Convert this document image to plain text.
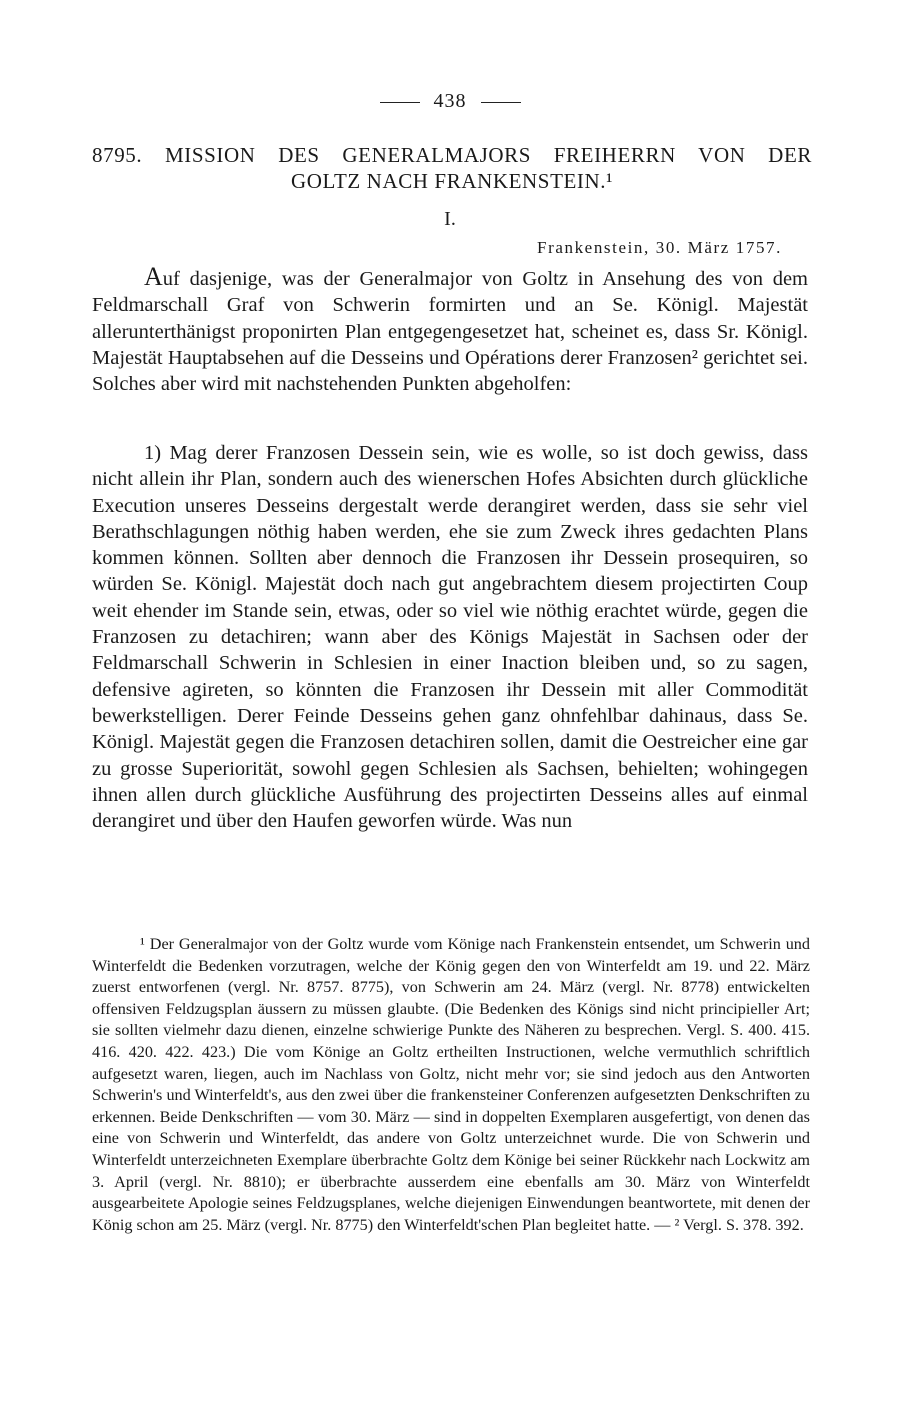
438
8795. MISSION DES GENERALMAJORS FREIHERRN VON DER
GOLTZ NACH FRANKENSTEIN.¹
I.
Frankenstein, 30. März 1757.
Auf dasjenige, was der Generalmajor von Goltz in Ansehung des von dem Feldmarschall Graf von Schwerin formirten und an Se. Königl. Majestät allerunterthänigst proponirten Plan entgegengesetzet hat, scheinet es, dass Sr. Königl. Majestät Hauptabsehen auf die Desseins und Opérations derer Franzosen² gerichtet sei. Solches aber wird mit nachstehenden Punkten abgeholfen:
1) Mag derer Franzosen Dessein sein, wie es wolle, so ist doch gewiss, dass nicht allein ihr Plan, sondern auch des wienerschen Hofes Absichten durch glückliche Execution unseres Desseins dergestalt werde derangiret werden, dass sie sehr viel Berathschlagungen nöthig haben werden, ehe sie zum Zweck ihres gedachten Plans kommen können. Sollten aber dennoch die Franzosen ihr Dessein prosequiren, so würden Se. Königl. Majestät doch nach gut angebrachtem diesem projectirten Coup weit ehender im Stande sein, etwas, oder so viel wie nöthig erachtet würde, gegen die Franzosen zu detachiren; wann aber des Königs Majestät in Sachsen oder der Feldmarschall Schwerin in Schlesien in einer Inaction bleiben und, so zu sagen, defensive agireten, so könnten die Franzosen ihr Dessein mit aller Commodität bewerkstelligen. Derer Feinde Desseins gehen ganz ohnfehlbar dahinaus, dass Se. Königl. Majestät gegen die Franzosen detachiren sollen, damit die Oestreicher eine gar zu grosse Superiorität, sowohl gegen Schlesien als Sachsen, behielten; wohingegen ihnen allen durch glückliche Ausführung des projectirten Desseins alles auf einmal derangiret und über den Haufen geworfen würde. Was nun

¹ Der Generalmajor von der Goltz wurde vom Könige nach Frankenstein entsendet, um Schwerin und Winterfeldt die Bedenken vorzutragen, welche der König gegen den von Winterfeldt am 19. und 22. März zuerst entworfenen (vergl. Nr. 8757. 8775), von Schwerin am 24. März (vergl. Nr. 8778) entwickelten offensiven Feldzugsplan äussern zu müssen glaubte. (Die Bedenken des Königs sind nicht principieller Art; sie sollten vielmehr dazu dienen, einzelne schwierige Punkte des Näheren zu besprechen. Vergl. S. 400. 415. 416. 420. 422. 423.) Die vom Könige an Goltz ertheilten Instructionen, welche vermuthlich schriftlich aufgesetzt waren, liegen, auch im Nachlass von Goltz, nicht mehr vor; sie sind jedoch aus den Antworten Schwerin's und Winterfeldt's, aus den zwei über die frankensteiner Conferenzen aufgesetzten Denkschriften zu erkennen. Beide Denkschriften — vom 30. März — sind in doppelten Exemplaren ausgefertigt, von denen das eine von Schwerin und Winterfeldt, das andere von Goltz unterzeichnet wurde. Die von Schwerin und Winterfeldt unterzeichneten Exemplare überbrachte Goltz dem Könige bei seiner Rückkehr nach Lockwitz am 3. April (vergl. Nr. 8810); er überbrachte ausserdem eine ebenfalls am 30. März von Winterfeldt ausgearbeitete Apologie seines Feldzugsplanes, welche diejenigen Einwendungen beantwortete, mit denen der König schon am 25. März (vergl. Nr. 8775) den Winterfeldt'schen Plan begleitet hatte. — ² Vergl. S. 378. 392.
